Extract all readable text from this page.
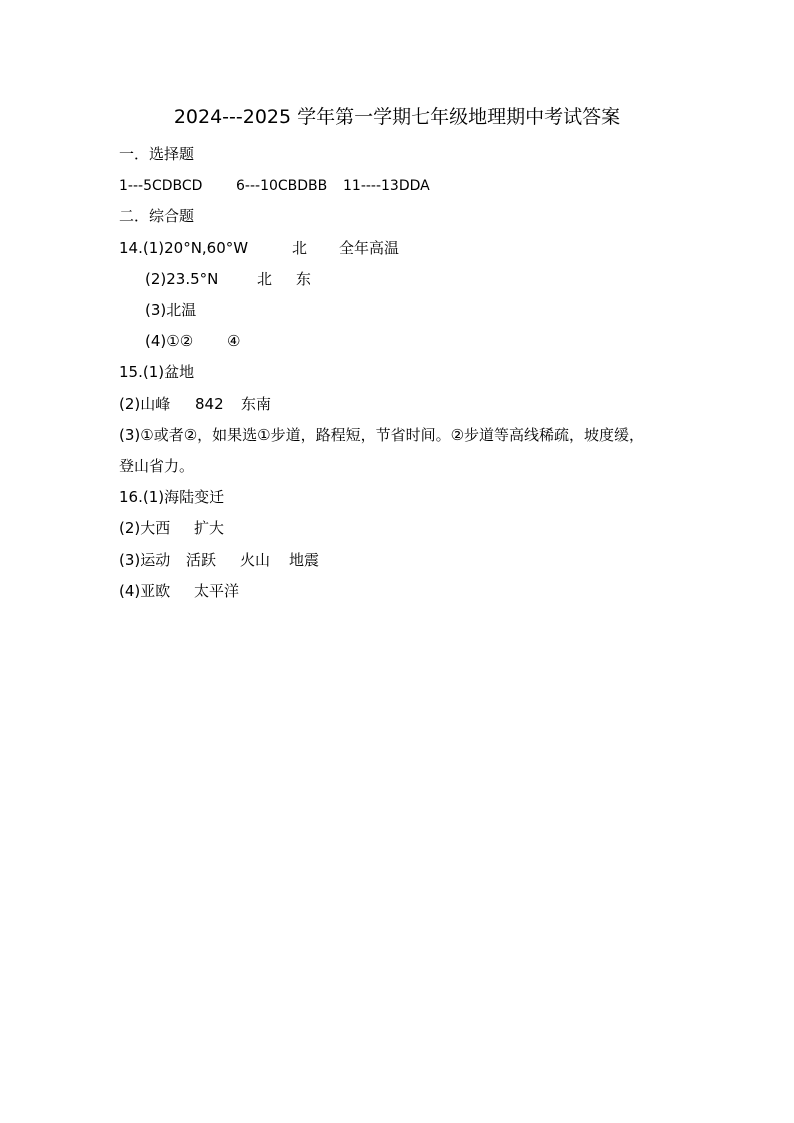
2024---2025 学年第一学期七年级地理期中考试答案
一．选择题
1---5CDBCD 6---10CBDBB 11----13DDA
二．综合题
14.(1)20°N,60°W	北 全年高温
(2)23.5°N	北 东
(3)北温
(4)①② ④
15.(1)盆地
(2)山峰 842 东南
(3)①或者②，如果选①步道，路程短，节省时间。②步道等高线稀疏，坡度缓，
登山省力。
16.(1)海陆变迁
(2)大西 扩大
(3)运动 活跃 火山 地震
(4)亚欧 太平洋
